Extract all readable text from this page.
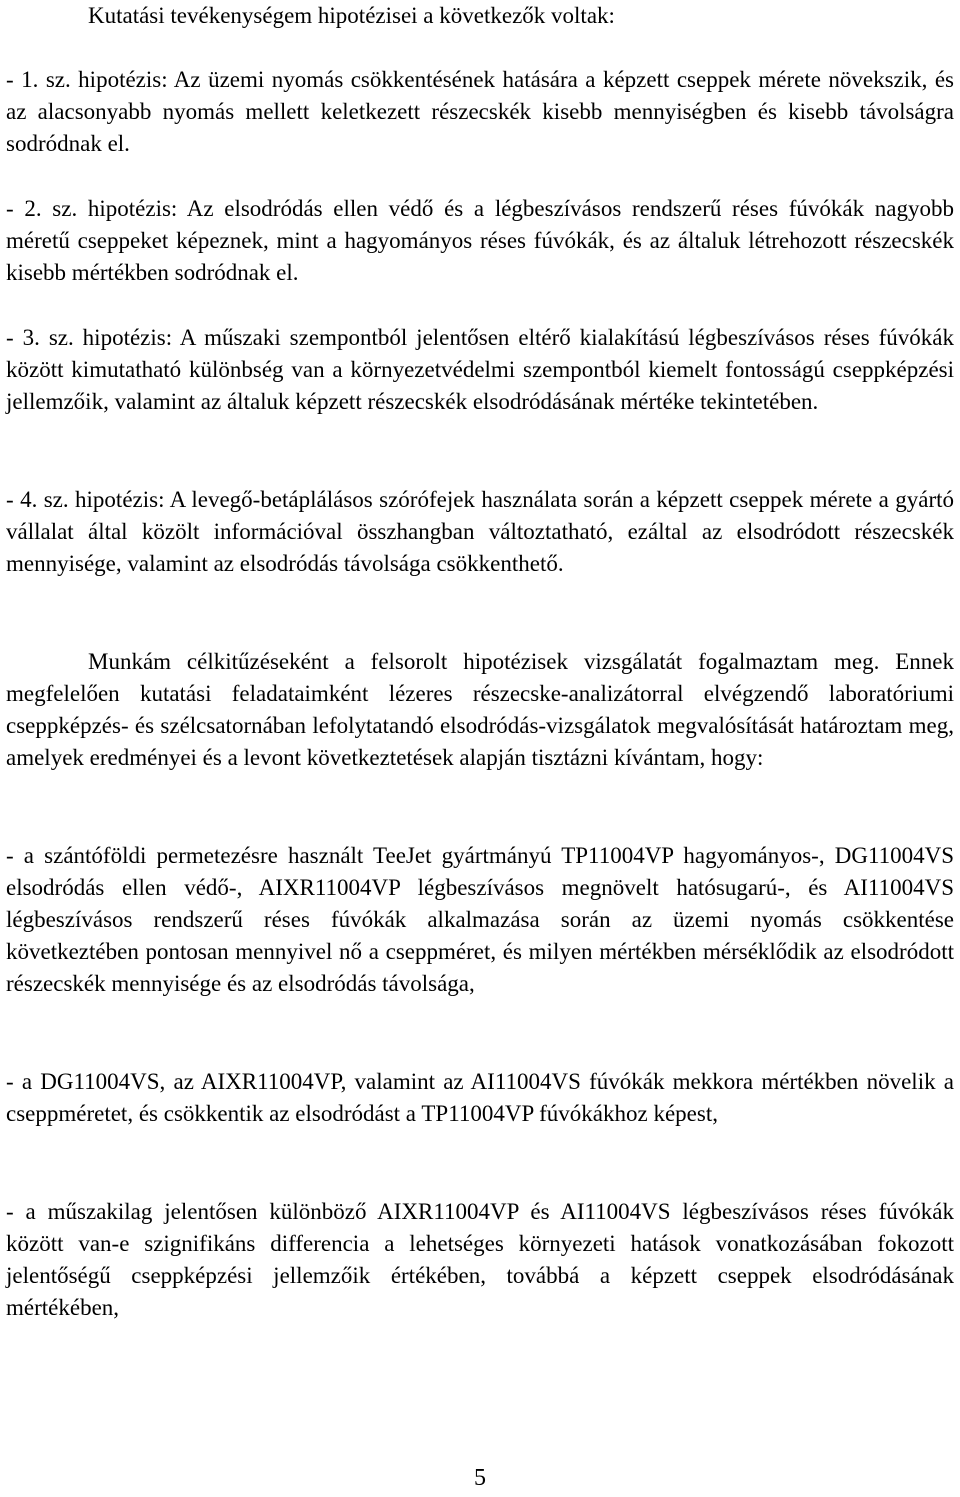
Kutatási tevékenységem hipotézisei a következők voltak:

- 1. sz. hipotézis: Az üzemi nyomás csökkentésének hatására a képzett cseppek mérete növekszik, és az alacsonyabb nyomás mellett keletkezett részecskék kisebb mennyiségben és kisebb távolságra sodródnak el.

- 2. sz. hipotézis: Az elsodródás ellen védő és a légbeszívásos rendszerű réses fúvókák nagyobb méretű cseppeket képeznek, mint a hagyományos réses fúvókák, és az általuk létrehozott részecskék kisebb mértékben sodródnak el.

- 3. sz. hipotézis: A műszaki szempontból jelentősen eltérő kialakítású légbeszívásos réses fúvókák között kimutatható különbség van a környezetvédelmi szempontból kiemelt fontosságú cseppképzési jellemzőik, valamint az általuk képzett részecskék elsodródásának mértéke tekintetében.

- 4. sz. hipotézis: A levegő-betáplálásos szórófejek használata során a képzett cseppek mérete a gyártó vállalat által közölt információval összhangban változtatható, ezáltal az elsodródott részecskék mennyisége, valamint az elsodródás távolsága csökkenthető.

Munkám célkitűzéseként a felsorolt hipotézisek vizsgálatát fogalmaztam meg. Ennek megfelelően kutatási feladataimként lézeres részecske-analizátorral elvégzendő laboratóriumi cseppképzés- és szélcsatornában lefolytatandó elsodródás-vizsgálatok megvalósítását határoztam meg, amelyek eredményei és a levont következtetések alapján tisztázni kívántam, hogy:

- a szántóföldi permetezésre használt TeeJet gyártmányú TP11004VP hagyományos-, DG11004VS elsodródás ellen védő-, AIXR11004VP légbeszívásos megnövelt hatósugarú-, és AI11004VS légbeszívásos rendszerű réses fúvókák alkalmazása során az üzemi nyomás csökkentése következtében pontosan mennyivel nő a cseppméret, és milyen mértékben mérséklődik az elsodródott részecskék mennyisége és az elsodródás távolsága,

- a DG11004VS, az AIXR11004VP, valamint az AI11004VS fúvókák mekkora mértékben növelik a cseppméretet, és csökkentik az elsodródást a TP11004VP fúvókákhoz képest,

- a műszakilag jelentősen különböző AIXR11004VP és AI11004VS légbeszívásos réses fúvókák között van-e szignifikáns differencia a lehetséges környezeti hatások vonatkozásában fokozott jelentőségű cseppképzési jellemzőik értékében, továbbá a képzett cseppek elsodródásának mértékében,

5
